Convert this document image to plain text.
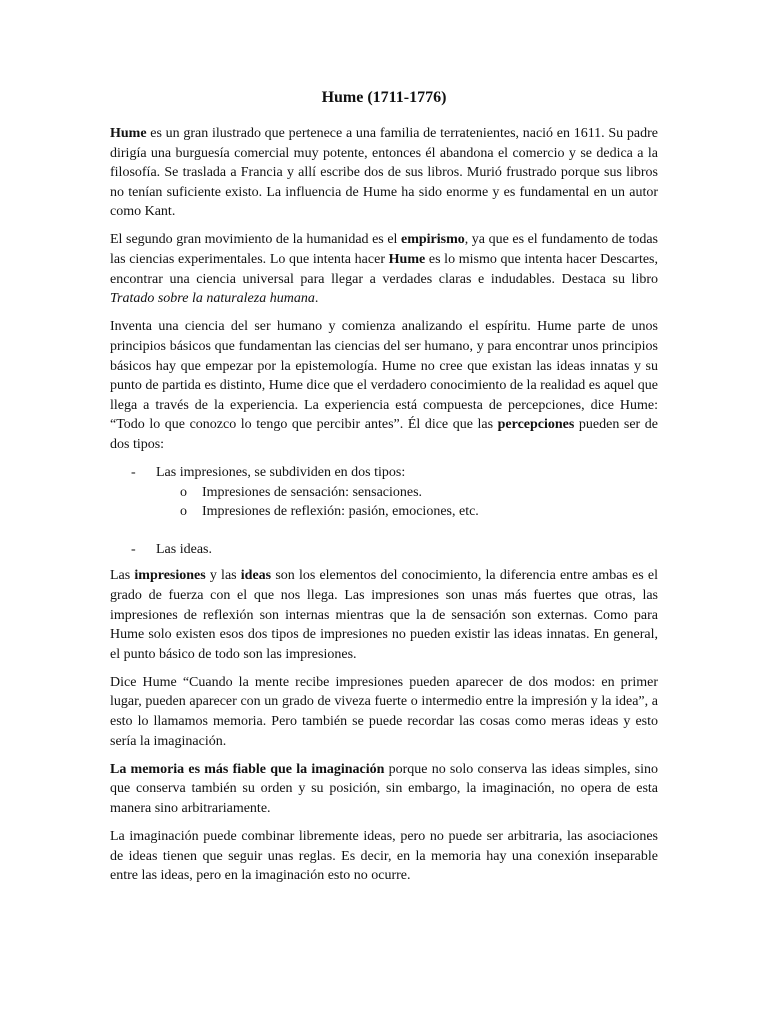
Hume (1711-1776)

Hume es un gran ilustrado que pertenece a una familia de terratenientes, nació en 1611. Su padre dirigía una burguesía comercial muy potente, entonces él abandona el comercio y se dedica a la filosofía. Se traslada a Francia y allí escribe dos de sus libros. Murió frustrado porque sus libros no tenían suficiente existo. La influencia de Hume ha sido enorme y es fundamental en un autor como Kant.

El segundo gran movimiento de la humanidad es el empirismo, ya que es el fundamento de todas las ciencias experimentales. Lo que intenta hacer Hume es lo mismo que intenta hacer Descartes, encontrar una ciencia universal para llegar a verdades claras e indudables. Destaca su libro Tratado sobre la naturaleza humana.

Inventa una ciencia del ser humano y comienza analizando el espíritu. Hume parte de unos principios básicos que fundamentan las ciencias del ser humano, y para encontrar unos principios básicos hay que empezar por la epistemología. Hume no cree que existan las ideas innatas y su punto de partida es distinto, Hume dice que el verdadero conocimiento de la realidad es aquel que llega a través de la experiencia. La experiencia está compuesta de percepciones, dice Hume: “Todo lo que conozco lo tengo que percibir antes”. Él dice que las percepciones pueden ser de dos tipos:

- Las impresiones, se subdividen en dos tipos:
o Impresiones de sensación: sensaciones.
o Impresiones de reflexión: pasión, emociones, etc.
- Las ideas.

Las impresiones y las ideas son los elementos del conocimiento, la diferencia entre ambas es el grado de fuerza con el que nos llega. Las impresiones son unas más fuertes que otras, las impresiones de reflexión son internas mientras que la de sensación son externas. Como para Hume solo existen esos dos tipos de impresiones no pueden existir las ideas innatas. En general, el punto básico de todo son las impresiones.

Dice Hume “Cuando la mente recibe impresiones pueden aparecer de dos modos: en primer lugar, pueden aparecer con un grado de viveza fuerte o intermedio entre la impresión y la idea”, a esto lo llamamos memoria. Pero también se puede recordar las cosas como meras ideas y esto sería la imaginación.

La memoria es más fiable que la imaginación porque no solo conserva las ideas simples, sino que conserva también su orden y su posición, sin embargo, la imaginación, no opera de esta manera sino arbitrariamente.

La imaginación puede combinar libremente ideas, pero no puede ser arbitraria, las asociaciones de ideas tienen que seguir unas reglas. Es decir, en la memoria hay una conexión inseparable entre las ideas, pero en la imaginación esto no ocurre.
